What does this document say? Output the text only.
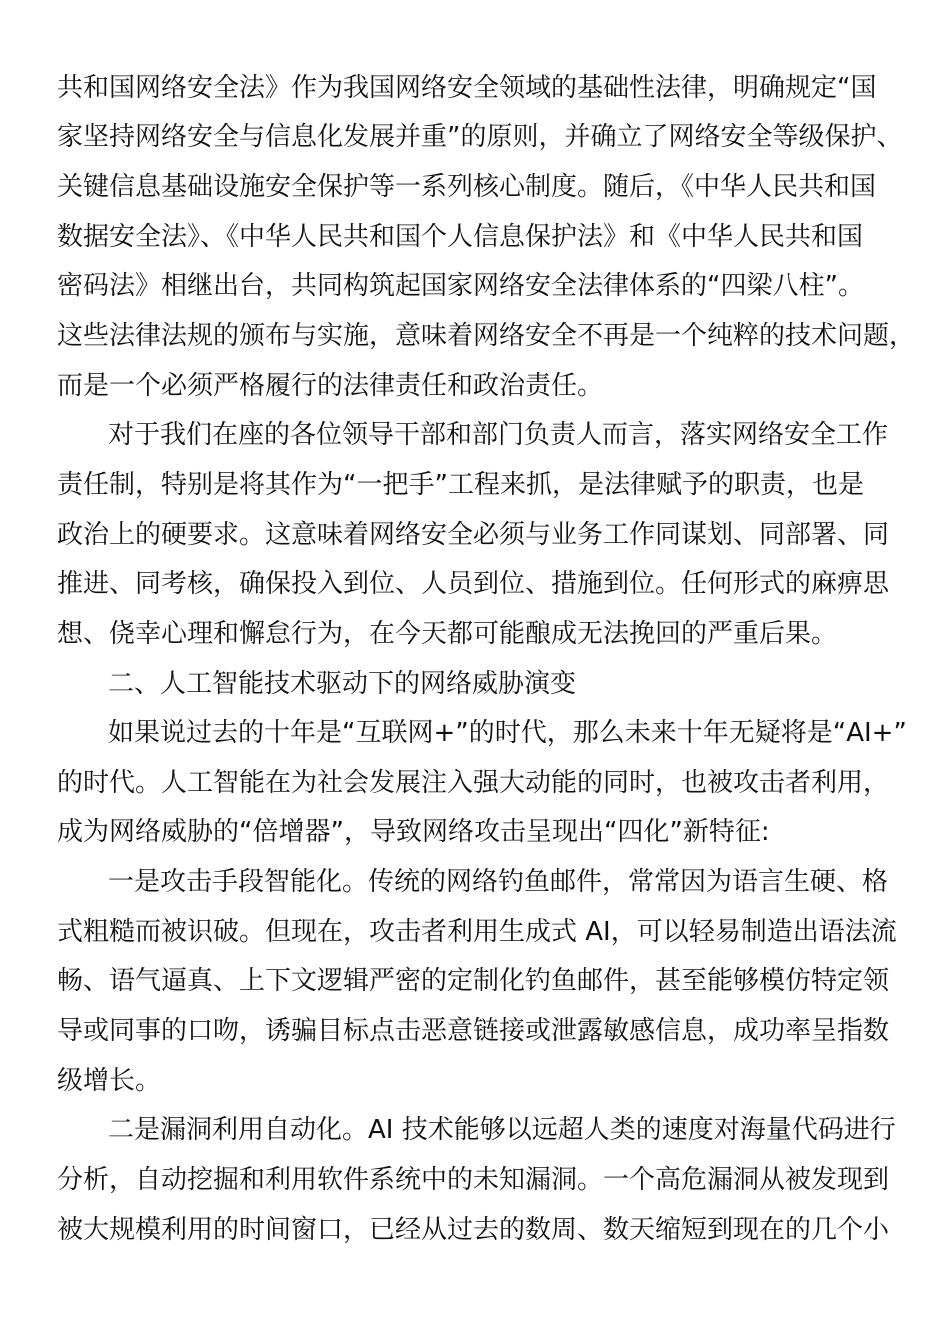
共和国网络安全法》作为我国网络安全领域的基础性法律，明确规定“国
家坚持网络安全与信息化发展并重”的原则，并确立了网络安全等级保护、
关键信息基础设施安全保护等一系列核心制度。随后，《中华人民共和国
数据安全法》、《中华人民共和国个人信息保护法》和《中华人民共和国
密码法》相继出台，共同构筑起国家网络安全法律体系的“四梁八柱”。
这些法律法规的颁布与实施，意味着网络安全不再是一个纯粹的技术问题，
而是一个必须严格履行的法律责任和政治责任。
对于我们在座的各位领导干部和部门负责人而言，落实网络安全工作
责任制，特别是将其作为“一把手”工程来抓，是法律赋予的职责，也是
政治上的硬要求。这意味着网络安全必须与业务工作同谋划、同部署、同
推进、同考核，确保投入到位、人员到位、措施到位。任何形式的麻痹思
想、侥幸心理和懈怠行为，在今天都可能酿成无法挽回的严重后果。
二、人工智能技术驱动下的网络威胁演变
如果说过去的十年是“互联网+”的时代，那么未来十年无疑将是“AI+”
的时代。人工智能在为社会发展注入强大动能的同时，也被攻击者利用，
成为网络威胁的“倍增器”，导致网络攻击呈现出“四化”新特征:
一是攻击手段智能化。传统的网络钓鱼邮件，常常因为语言生硬、格
式粗糙而被识破。但现在，攻击者利用生成式 AI，可以轻易制造出语法流
畅、语气逼真、上下文逻辑严密的定制化钓鱼邮件，甚至能够模仿特定领
导或同事的口吻，诱骗目标点击恶意链接或泄露敏感信息，成功率呈指数
级增长。
二是漏洞利用自动化。AI 技术能够以远超人类的速度对海量代码进行
分析，自动挖掘和利用软件系统中的未知漏洞。一个高危漏洞从被发现到
被大规模利用的时间窗口，已经从过去的数周、数天缩短到现在的几个小
